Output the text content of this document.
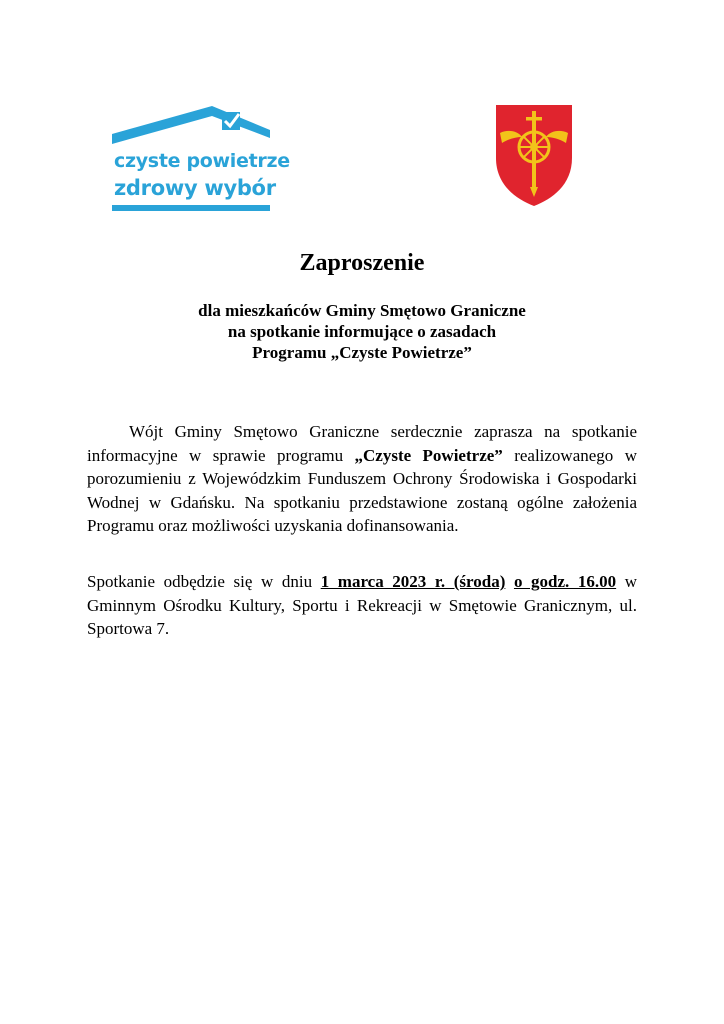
czyste powietrze
zdrowy wybór
Zaproszenie
dla mieszkańców Gminy Smętowo Graniczne
na spotkanie informujące o zasadach
Programu „Czyste Powietrze”
Wójt Gminy Smętowo Graniczne serdecznie zaprasza na spotkanie informacyjne w sprawie programu „Czyste Powietrze” realizowanego w porozumieniu z Wojewódzkim Funduszem Ochrony Środowiska i Gospodarki Wodnej w Gdańsku. Na spotkaniu przedstawione zostaną ogólne założenia Programu oraz możliwości uzyskania dofinansowania.
Spotkanie odbędzie się w dniu 1 marca 2023 r. (środa) o godz. 16.00 w Gminnym Ośrodku Kultury, Sportu i Rekreacji w Smętowie Granicznym, ul. Sportowa 7.
